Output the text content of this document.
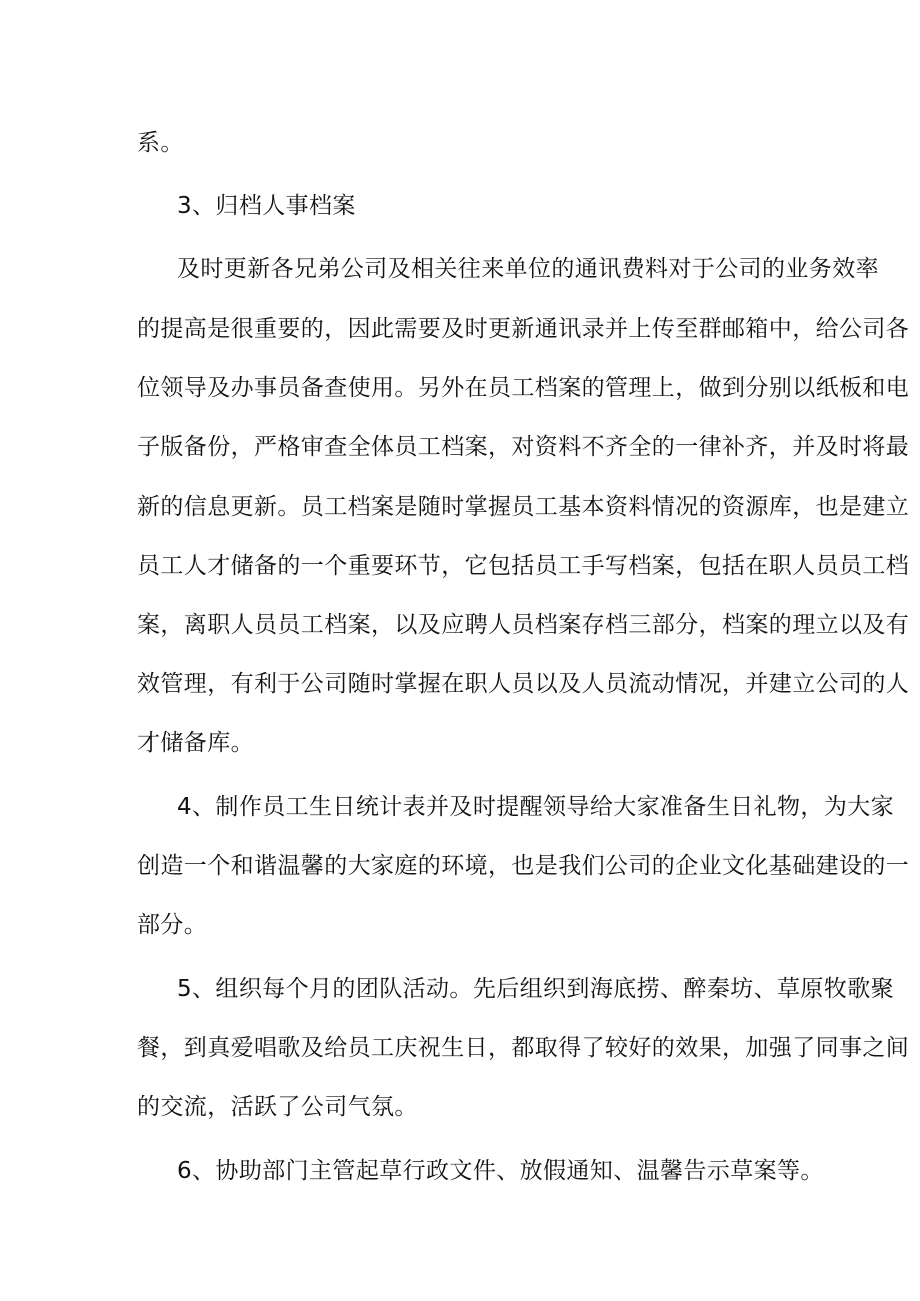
系。
3、归档人事档案
及时更新各兄弟公司及相关往来单位的通讯费料对于公司的业务效率
的提高是很重要的，因此需要及时更新通讯录并上传至群邮箱中，给公司各
位领导及办事员备查使用。另外在员工档案的管理上，做到分别以纸板和电
子版备份，严格审查全体员工档案，对资料不齐全的一律补齐，并及时将最
新的信息更新。员工档案是随时掌握员工基本资料情况的资源库，也是建立
员工人才储备的一个重要环节，它包括员工手写档案，包括在职人员员工档
案，离职人员员工档案，以及应聘人员档案存档三部分，档案的理立以及有
效管理，有利于公司随时掌握在职人员以及人员流动情况，并建立公司的人
才储备库。
4、制作员工生日统计表并及时提醒领导给大家准备生日礼物，为大家
创造一个和谐温馨的大家庭的环境，也是我们公司的企业文化基础建设的一
部分。
5、组织每个月的团队活动。先后组织到海底捞、醉秦坊、草原牧歌聚
餐，到真爱唱歌及给员工庆祝生日，都取得了较好的效果，加强了同事之间
的交流，活跃了公司气氛。
6、协助部门主管起草行政文件、放假通知、温馨告示草案等。
